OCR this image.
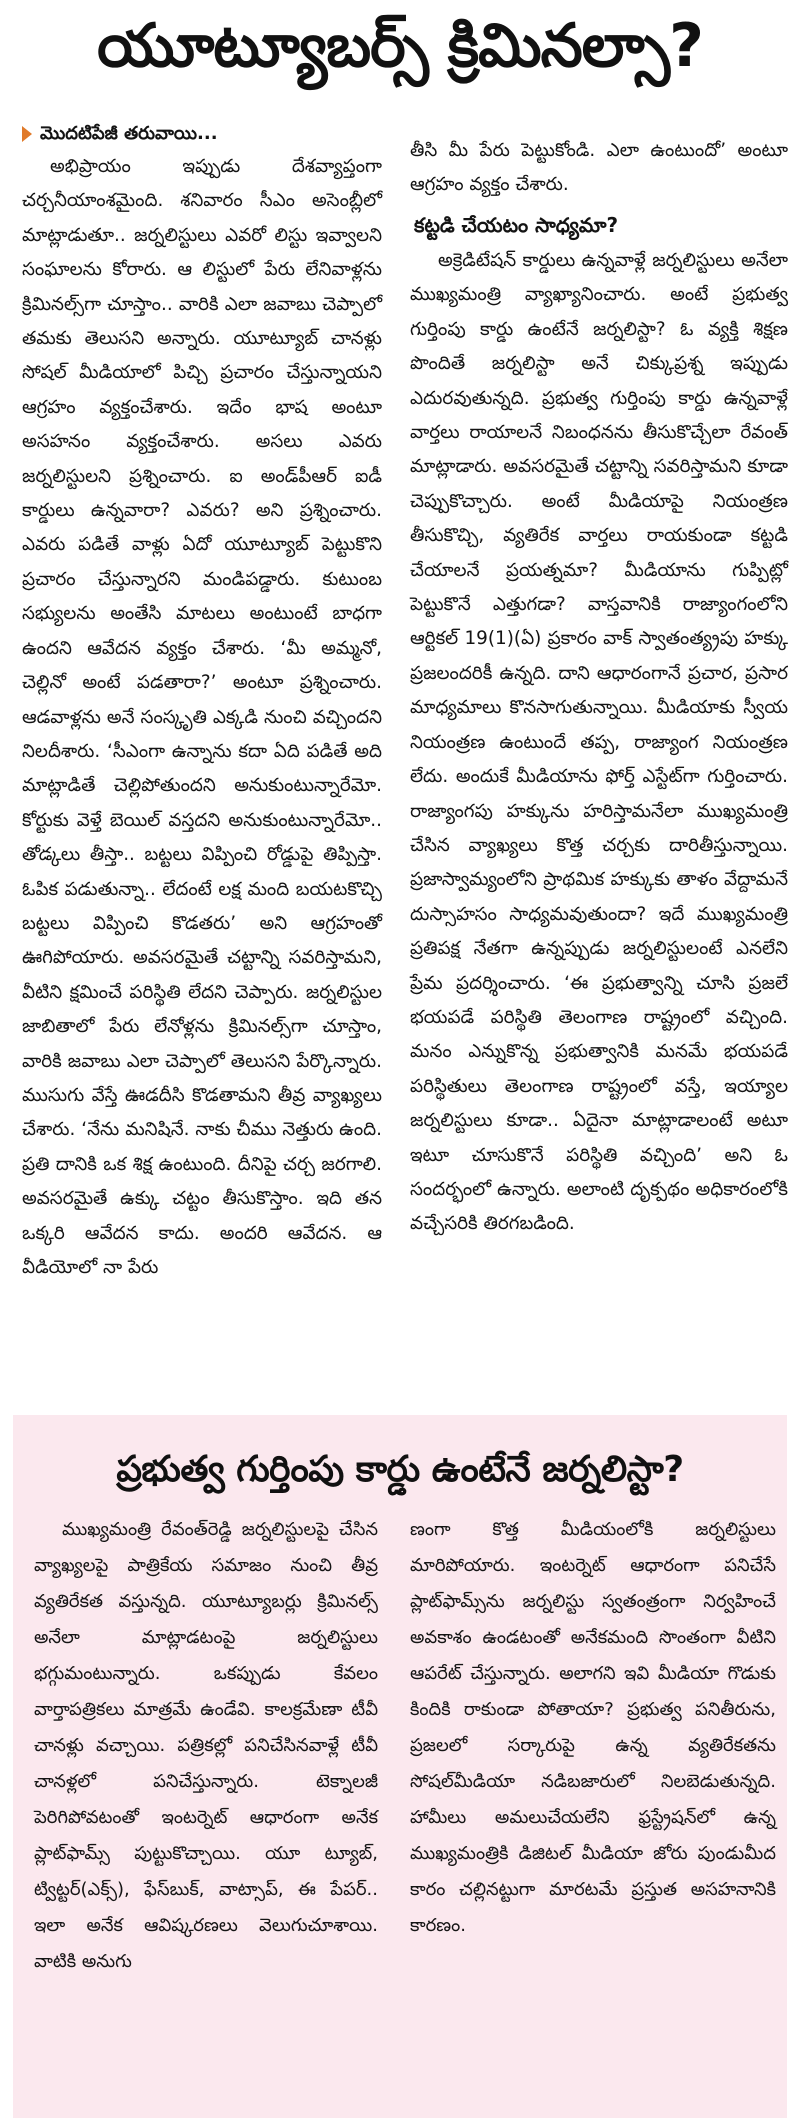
యూట్యూబర్స్ క్రిమినల్సా?
మొదటిపేజీ తరువాయి...

అభిప్రాయం ఇప్పుడు దేశవ్యాప్తంగా చర్చనీయాంశమైంది. శనివారం సీఎం అసెంబ్లీలో మాట్లాడుతూ.. జర్నలిస్టులు ఎవరో లిస్టు ఇవ్వాలని సంఘాలను కోరారు. ఆ లిస్టులో పేరు లేనివాళ్లను క్రిమినల్స్‌గా చూస్తాం.. వారికి ఎలా జవాబు చెప్పాలో తమకు తెలుసని అన్నారు. యూట్యూబ్ చానళ్లు సోషల్ మీడియాలో పిచ్చి ప్రచారం చేస్తున్నాయని ఆగ్రహం వ్యక్తంచేశారు. ఇదేం భాష అంటూ అసహనం వ్యక్తంచేశారు. అసలు ఎవరు జర్నలిస్టులని ప్రశ్నించారు. ఐ అండ్‌పీఆర్ ఐడీ కార్డులు ఉన్నవారా? ఎవరు? అని ప్రశ్నించారు. ఎవరు పడితే వాళ్లు ఏదో యూట్యూబ్ పెట్టుకొని ప్రచారం చేస్తున్నారని మండిపడ్డారు. కుటుంబ సభ్యులను అంతేసి మాటలు అంటుంటే బాధగా ఉందని ఆవేదన వ్యక్తం చేశారు. ‘మీ అమ్మనో, చెల్లినో అంటే పడతారా?’ అంటూ ప్రశ్నించారు. ఆడవాళ్లను అనే సంస్కృతి ఎక్కడి నుంచి వచ్చిందని నిలదీశారు. ‘సీఎంగా ఉన్నాను కదా ఏది పడితే అది మాట్లాడితే చెల్లిపోతుందని అనుకుంటున్నారేమో. కోర్టుకు వెళ్తే బెయిల్ వస్తదని అనుకుంటున్నారేమో.. తోడ్కలు తీస్తా.. బట్టలు విప్పించి రోడ్డుపై తిప్పిస్తా. ఓపిక పడుతున్నా.. లేదంటే లక్ష మంది బయటకొచ్చి బట్టలు విప్పించి కొడతరు’ అని ఆగ్రహంతో ఊగిపోయారు. అవసరమైతే చట్టాన్ని సవరిస్తామని, వీటిని క్షమించే పరిస్థితి లేదని చెప్పారు. జర్నలిస్టుల జాబితాలో పేరు లేనోళ్లను క్రిమినల్స్‌గా చూస్తాం, వారికి జవాబు ఎలా చెప్పాలో తెలుసని పేర్కొన్నారు. ముసుగు వేస్తే ఊడదీసి కొడతామని తీవ్ర వ్యాఖ్యలు చేశారు. ‘నేను మనిషినే. నాకు చీము నెత్తురు ఉంది. ప్రతి దానికి ఒక శిక్ష ఉంటుంది. దీనిపై చర్చ జరగాలి. అవసరమైతే ఉక్కు చట్టం తీసుకొస్తాం. ఇది తన ఒక్కరి ఆవేదన కాదు. అందరి ఆవేదన. ఆ వీడియోలో నా పేరు

తీసి మీ పేరు పెట్టుకోండి. ఎలా ఉంటుందో’ అంటూ ఆగ్రహం వ్యక్తం చేశారు.

కట్టడి చేయటం సాధ్యమా?

అక్రెడిటేషన్ కార్డులు ఉన్నవాళ్లే జర్నలిస్టులు అనేలా ముఖ్యమంత్రి వ్యాఖ్యానించారు. అంటే ప్రభుత్వ గుర్తింపు కార్డు ఉంటేనే జర్నలిస్టా? ఓ వ్యక్తి శిక్షణ పొందితే జర్నలిస్టా అనే చిక్కుప్రశ్న ఇప్పుడు ఎదురవుతున్నది. ప్రభుత్వ గుర్తింపు కార్డు ఉన్నవాళ్లే వార్తలు రాయాలనే నిబంధనను తీసుకొచ్చేలా రేవంత్ మాట్లాడారు. అవసరమైతే చట్టాన్ని సవరిస్తామని కూడా చెప్పుకొచ్చారు. అంటే మీడియాపై నియంత్రణ తీసుకొచ్చి, వ్యతిరేక వార్తలు రాయకుండా కట్టడి చేయాలనే ప్రయత్నమా? మీడియాను గుప్పిట్లో పెట్టుకొనే ఎత్తుగడా? వాస్తవానికి రాజ్యాంగంలోని ఆర్టికల్ 19(1)(ఏ) ప్రకారం వాక్ స్వాతంత్య్రపు హక్కు ప్రజలందరికీ ఉన్నది. దాని ఆధారంగానే ప్రచార, ప్రసార మాధ్యమాలు కొనసాగుతున్నాయి. మీడియాకు స్వీయ నియంత్రణ ఉంటుందే తప్ప, రాజ్యాంగ నియంత్రణ లేదు. అందుకే మీడియాను ఫోర్త్ ఎస్టేట్‌గా గుర్తించారు. రాజ్యాంగపు హక్కును హరిస్తామనేలా ముఖ్యమంత్రి చేసిన వ్యాఖ్యలు కొత్త చర్చకు దారితీస్తున్నాయి. ప్రజాస్వామ్యంలోని ప్రాథమిక హక్కుకు తాళం వేద్దామనే దుస్సాహసం సాధ్యమవుతుందా? ఇదే ముఖ్యమంత్రి ప్రతిపక్ష నేతగా ఉన్నప్పుడు జర్నలిస్టులంటే ఎనలేని ప్రేమ ప్రదర్శించారు. ‘ఈ ప్రభుత్వాన్ని చూసి ప్రజలే భయపడే పరిస్థితి తెలంగాణ రాష్ట్రంలో వచ్చింది. మనం ఎన్నుకొన్న ప్రభుత్వానికి మనమే భయపడే పరిస్థితులు తెలంగాణ రాష్ట్రంలో వస్తే, ఇయ్యాల జర్నలిస్టులు కూడా.. ఏదైనా మాట్లాడాలంటే అటూ ఇటూ చూసుకొనే పరిస్థితి వచ్చింది’ అని ఓ సందర్భంలో ఉన్నారు. అలాంటి దృక్పథం అధికారంలోకి వచ్చేసరికి తిరగబడింది.

ప్రభుత్వ గుర్తింపు కార్డు ఉంటేనే జర్నలిస్టా?

ముఖ్యమంత్రి రేవంత్‌రెడ్డి జర్నలిస్టులపై చేసిన వ్యాఖ్యలపై పాత్రికేయ సమాజం నుంచి తీవ్ర వ్యతిరేకత వస్తున్నది. యూట్యూబర్లు క్రిమినల్స్ అనేలా మాట్లాడటంపై జర్నలిస్టులు భగ్గుమంటున్నారు. ఒకప్పుడు కేవలం వార్తాపత్రికలు మాత్రమే ఉండేవి. కాలక్రమేణా టీవీ చానళ్లు వచ్చాయి. పత్రికల్లో పనిచేసినవాళ్లే టీవీ చానళ్లలో పనిచేస్తున్నారు. టెక్నాలజీ పెరిగిపోవటంతో ఇంటర్నెట్ ఆధారంగా అనేక ప్లాట్‌ఫామ్స్ పుట్టుకొచ్చాయి. యూ ట్యూబ్, ట్విట్టర్(ఎక్స్), ఫేస్‌బుక్, వాట్సాప్, ఈ పేపర్.. ఇలా అనేక ఆవిష్కరణలు వెలుగుచూశాయి. వాటికి అనుగు

ణంగా కొత్త మీడియంలోకి జర్నలిస్టులు మారిపోయారు. ఇంటర్నెట్ ఆధారంగా పనిచేసే ప్లాట్‌ఫామ్స్‌ను జర్నలిస్టు స్వతంత్రంగా నిర్వహించే అవకాశం ఉండటంతో అనేకమంది సొంతంగా వీటిని ఆపరేట్ చేస్తున్నారు. అలాగని ఇవి మీడియా గొడుకు కిందికి రాకుండా పోతాయా? ప్రభుత్వ పనితీరును, ప్రజలలో సర్కారుపై ఉన్న వ్యతిరేకతను సోషల్‌మీడియా నడిబజారులో నిలబెడుతున్నది. హామీలు అమలుచేయలేని ఫ్రస్ట్రేషన్‌లో ఉన్న ముఖ్యమంత్రికి డిజిటల్ మీడియా జోరు పుండుమీద కారం చల్లినట్టుగా మారటమే ప్రస్తుత అసహనానికి కారణం.
